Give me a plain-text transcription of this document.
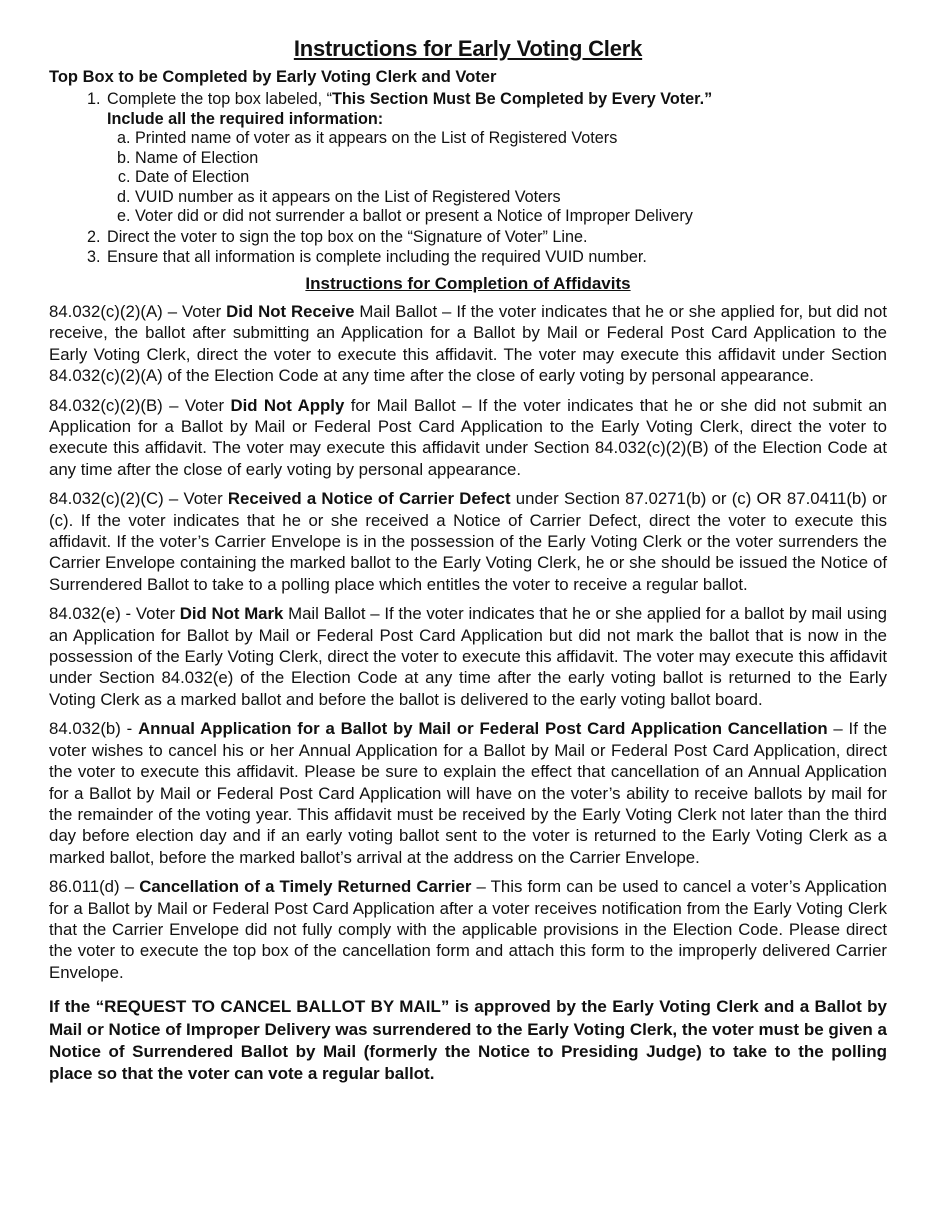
Instructions for Early Voting Clerk
Top Box to be Completed by Early Voting Clerk and Voter
1. Complete the top box labeled, “This Section Must Be Completed by Every Voter.”
Include all the required information:
a. Printed name of voter as it appears on the List of Registered Voters
b. Name of Election
c. Date of Election
d. VUID number as it appears on the List of Registered Voters
e. Voter did or did not surrender a ballot or present a Notice of Improper Delivery
2. Direct the voter to sign the top box on the “Signature of Voter” Line.
3. Ensure that all information is complete including the required VUID number.
Instructions for Completion of Affidavits

84.032(c)(2)(A) – Voter Did Not Receive Mail Ballot – If the voter indicates that he or she applied for, but did not receive, the ballot after submitting an Application for a Ballot by Mail or Federal Post Card Application to the Early Voting Clerk, direct the voter to execute this affidavit. The voter may execute this affidavit under Section 84.032(c)(2)(A) of the Election Code at any time after the close of early voting by personal appearance.

84.032(c)(2)(B) – Voter Did Not Apply for Mail Ballot – If the voter indicates that he or she did not submit an Application for a Ballot by Mail or Federal Post Card Application to the Early Voting Clerk, direct the voter to execute this affidavit. The voter may execute this affidavit under Section 84.032(c)(2)(B) of the Election Code at any time after the close of early voting by personal appearance.

84.032(c)(2)(C) – Voter Received a Notice of Carrier Defect under Section 87.0271(b) or (c) OR 87.0411(b) or (c). If the voter indicates that he or she received a Notice of Carrier Defect, direct the voter to execute this affidavit. If the voter’s Carrier Envelope is in the possession of the Early Voting Clerk or the voter surrenders the Carrier Envelope containing the marked ballot to the Early Voting Clerk, he or she should be issued the Notice of Surrendered Ballot to take to a polling place which entitles the voter to receive a regular ballot.

84.032(e) - Voter Did Not Mark Mail Ballot – If the voter indicates that he or she applied for a ballot by mail using an Application for Ballot by Mail or Federal Post Card Application but did not mark the ballot that is now in the possession of the Early Voting Clerk, direct the voter to execute this affidavit. The voter may execute this affidavit under Section 84.032(e) of the Election Code at any time after the early voting ballot is returned to the Early Voting Clerk as a marked ballot and before the ballot is delivered to the early voting ballot board.

84.032(b) - Annual Application for a Ballot by Mail or Federal Post Card Application Cancellation – If the voter wishes to cancel his or her Annual Application for a Ballot by Mail or Federal Post Card Application, direct the voter to execute this affidavit. Please be sure to explain the effect that cancellation of an Annual Application for a Ballot by Mail or Federal Post Card Application will have on the voter’s ability to receive ballots by mail for the remainder of the voting year. This affidavit must be received by the Early Voting Clerk not later than the third day before election day and if an early voting ballot sent to the voter is returned to the Early Voting Clerk as a marked ballot, before the marked ballot’s arrival at the address on the Carrier Envelope.

86.011(d) – Cancellation of a Timely Returned Carrier – This form can be used to cancel a voter’s Application for a Ballot by Mail or Federal Post Card Application after a voter receives notification from the Early Voting Clerk that the Carrier Envelope did not fully comply with the applicable provisions in the Election Code. Please direct the voter to execute the top box of the cancellation form and attach this form to the improperly delivered Carrier Envelope.

If the “REQUEST TO CANCEL BALLOT BY MAIL” is approved by the Early Voting Clerk and a Ballot by Mail or Notice of Improper Delivery was surrendered to the Early Voting Clerk, the voter must be given a Notice of Surrendered Ballot by Mail (formerly the Notice to Presiding Judge) to take to the polling place so that the voter can vote a regular ballot.
